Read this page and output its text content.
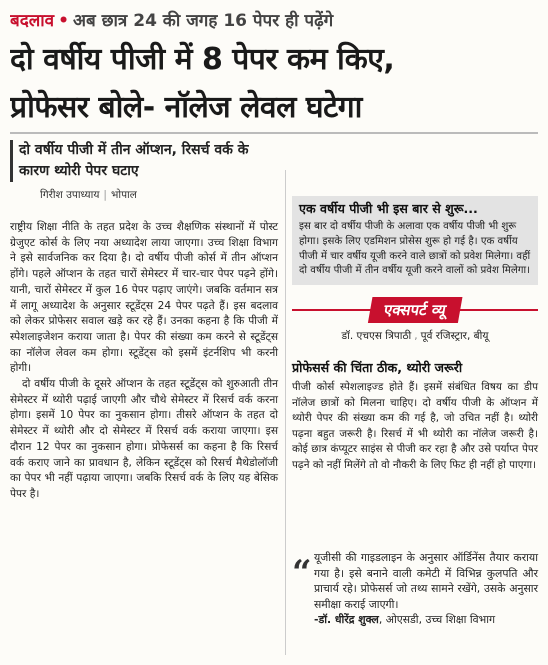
बदलाव • अब छात्र 24 की जगह 16 पेपर ही पढ़ेंगे
दो वर्षीय पीजी में 8 पेपर कम किए,
प्रोफेसर बोले- नॉलेज लेवल घटेगा
दो वर्षीय पीजी में तीन ऑप्शन, रिसर्च वर्क के कारण थ्योरी पेपर घटाए
गिरीश उपाध्याय | भोपाल

राष्ट्रीय शिक्षा नीति के तहत प्रदेश के उच्च शैक्षणिक संस्थानों में पोस्ट ग्रेजुएट कोर्स के लिए नया अध्यादेश लाया जाएगा। उच्च शिक्षा विभाग ने इसे सार्वजनिक कर दिया है। दो वर्षीय पीजी कोर्स में तीन ऑप्शन होंगे। पहले ऑप्शन के तहत चारों सेमेस्टर में चार-चार पेपर पढ़ने होंगे। यानी, चारों सेमेस्टर में कुल 16 पेपर पढ़ाए जाएंगे। जबकि वर्तमान सत्र में लागू अध्यादेश के अनुसार स्टूडेंट्स 24 पेपर पढ़ते हैं। इस बदलाव को लेकर प्रोफेसर सवाल खड़े कर रहे हैं। उनका कहना है कि पीजी में स्पेशलाइजेशन कराया जाता है। पेपर की संख्या कम करने से स्टूडेंट्स का नॉलेज लेवल कम होगा। स्टूडेंट्स को इसमें इंटर्नशिप भी करनी होगी।

दो वर्षीय पीजी के दूसरे ऑप्शन के तहत स्टूडेंट्स को शुरुआती तीन सेमेस्टर में थ्योरी पढ़ाई जाएगी और चौथे सेमेस्टर में रिसर्च वर्क करना होगा। इसमें 10 पेपर का नुकसान होगा। तीसरे ऑप्शन के तहत दो सेमेस्टर में थ्योरी और दो सेमेस्टर में रिसर्च वर्क कराया जाएगा। इस दौरान 12 पेपर का नुकसान होगा। प्रोफेसर्स का कहना है कि रिसर्च वर्क कराए जाने का प्रावधान है, लेकिन स्टूडेंट्स को रिसर्च मैथेडोलॉजी का पेपर भी नहीं पढ़ाया जाएगा। जबकि रिसर्च वर्क के लिए यह बेसिक पेपर है।

एक वर्षीय पीजी भी इस बार से शुरू...
इस बार दो वर्षीय पीजी के अलावा एक वर्षीय पीजी भी शुरू होगा। इसके लिए एडमिशन प्रोसेस शुरू हो गई है। एक वर्षीय पीजी में चार वर्षीय यूजी करने वाले छात्रों को प्रवेश मिलेगा। वहीं दो वर्षीय पीजी में तीन वर्षीय यूजी करने वालों को प्रवेश मिलेगा।
एक्सपर्ट व्यू
डॉ. एचएस त्रिपाठी , पूर्व रजिस्ट्रार, बीयू
प्रोफेसर्स की चिंता ठीक, थ्योरी जरूरी
पीजी कोर्स स्पेशलाइज्ड होते हैं। इसमें संबंधित विषय का डीप नॉलेज छात्रों को मिलना चाहिए। दो वर्षीय पीजी के ऑप्शन में थ्योरी पेपर की संख्या कम की गई है, जो उचित नहीं है। थ्योरी पढ़ना बहुत जरूरी है। रिसर्च में भी थ्योरी का नॉलेज जरूरी है। कोई छात्र कंप्यूटर साइंस से पीजी कर रहा है और उसे पर्याप्त पेपर पढ़ने को नहीं मिलेंगे तो वो नौकरी के लिए फिट ही नहीं हो पाएगा।
“ यूजीसी की गाइडलाइन के अनुसार ऑर्डिनेंस तैयार कराया गया है। इसे बनाने वाली कमेटी में विभिन्न कुलपति और प्राचार्य रहे। प्रोफेसर्स जो तथ्य सामने रखेंगे, उसके अनुसार समीक्षा कराई जाएगी।
-डॉ. धीरेंद्र शुक्ल, ओएसडी, उच्च शिक्षा विभाग
